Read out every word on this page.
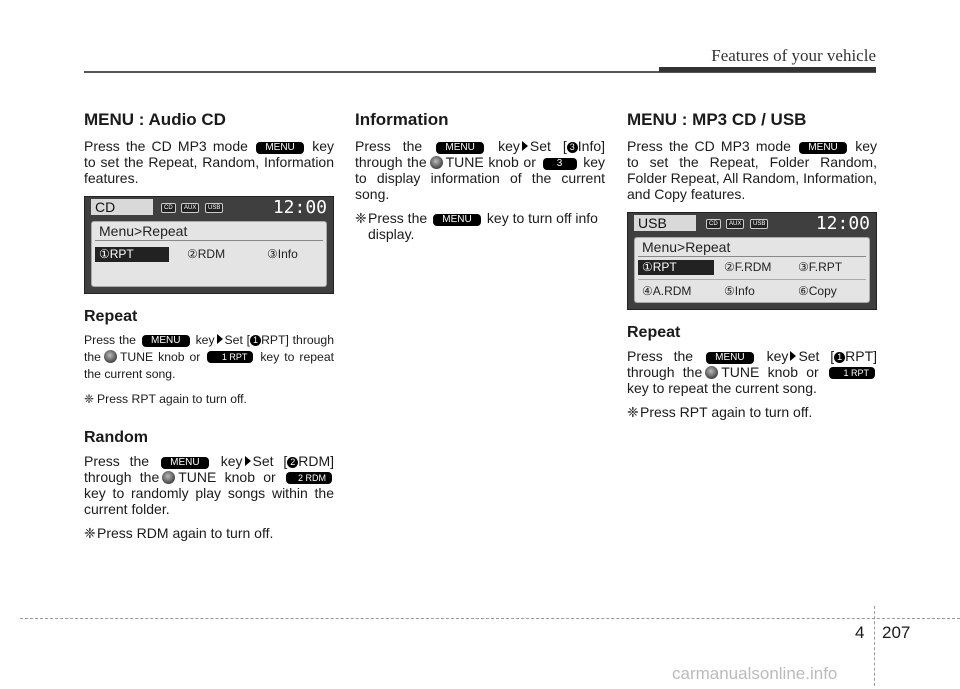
Features of your vehicle
MENU : Audio CD

Press the CD MP3 mode MENU key to set the Repeat, Random, Information features.

CD	CD	AUX	USB	12:00
Menu>Repeat
①RPT	②RDM	③Info
Repeat

Press the MENU key Set [ 1 RPT] through the TUNE knob or 1 RPT key to repeat the current song.

❈ Press RPT again to turn off.
Random

Press the MENU key Set [ 2 RDM] through the TUNE knob or 2 RDM key to randomly play songs within the current folder.

❈ Press RDM again to turn off.
Information

Press the MENU key Set [ 3 Info] through the TUNE knob or 3 key to display information of the current song.

❈ Press the MENU key to turn off info display.
MENU : MP3 CD / USB

Press the CD MP3 mode MENU key to set the Repeat, Folder Random, Folder Repeat, All Random, Information, and Copy features.

USB	CD	AUX	USB	12:00
Menu>Repeat
①RPT	②F.RDM	③F.RPT
④A.RDM	⑤Info	⑥Copy
Repeat

Press the MENU key Set [ 1 RPT] through the TUNE knob or	1 RPT key to repeat the current song.

❈ Press RPT again to turn off.
4 207
carmanualsonline.info
